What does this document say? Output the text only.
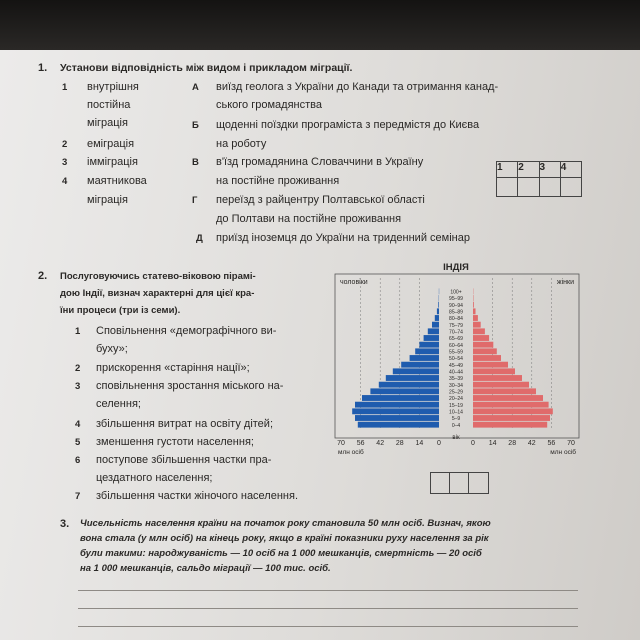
1. Установи відповідність між видом і прикладом міграції.
1 внутрішня
постійна
міграція
2 еміграція
3 імміграція
4 маятникова
міграція
А виїзд геолога з України до Канади та отримання канад-
ського громадянства
Б щоденні поїздки програміста з передмістя до Києва
на роботу
В в'їзд громадянина Словаччини в Україну
на постійне проживання
Г переїзд з райцентру Полтавської області
до Полтави на постійне проживання
Д приїзд іноземця до України на триденний семінар
1	2	3	4
2. Послуговуючись статево-віковою пірамі-
дою Індії, визнач характерні для цієї кра-
їни процеси (три із семи).
1 Сповільнення «демографічного ви-
буху»;
2 прискорення «старіння нації»;
3 сповільнення зростання міського на-
селення;
4 збільшення витрат на освіту дітей;
5 зменшення густоти населення;
6 поступове збільшення частки пра-
цездатного населення;
7 збільшення частки жіночого населення.
ІНДІЯ
чоловіки	жінки
100+
95–99
90–94
85–89
80–84
75–79
70–74
65–69
60–64
55–59
50–54
45–49
40–44
35–39
30–34
25–29
20–24
15–19
10–14
5–9
0–4
70 56 42 28 14 0	0 14 28 42 56 70
вік
млн осіб	млн осіб
3. Чисельність населення країни на початок року становила 50 млн осіб. Визнач, якою
вона стала (у млн осіб) на кінець року, якщо в країні показники руху населення за рік
були такими: народжуваність — 10 осіб на 1 000 мешканців, смертність — 20 осіб
на 1 000 мешканців, сальдо міграції — 100 тис. осіб.
